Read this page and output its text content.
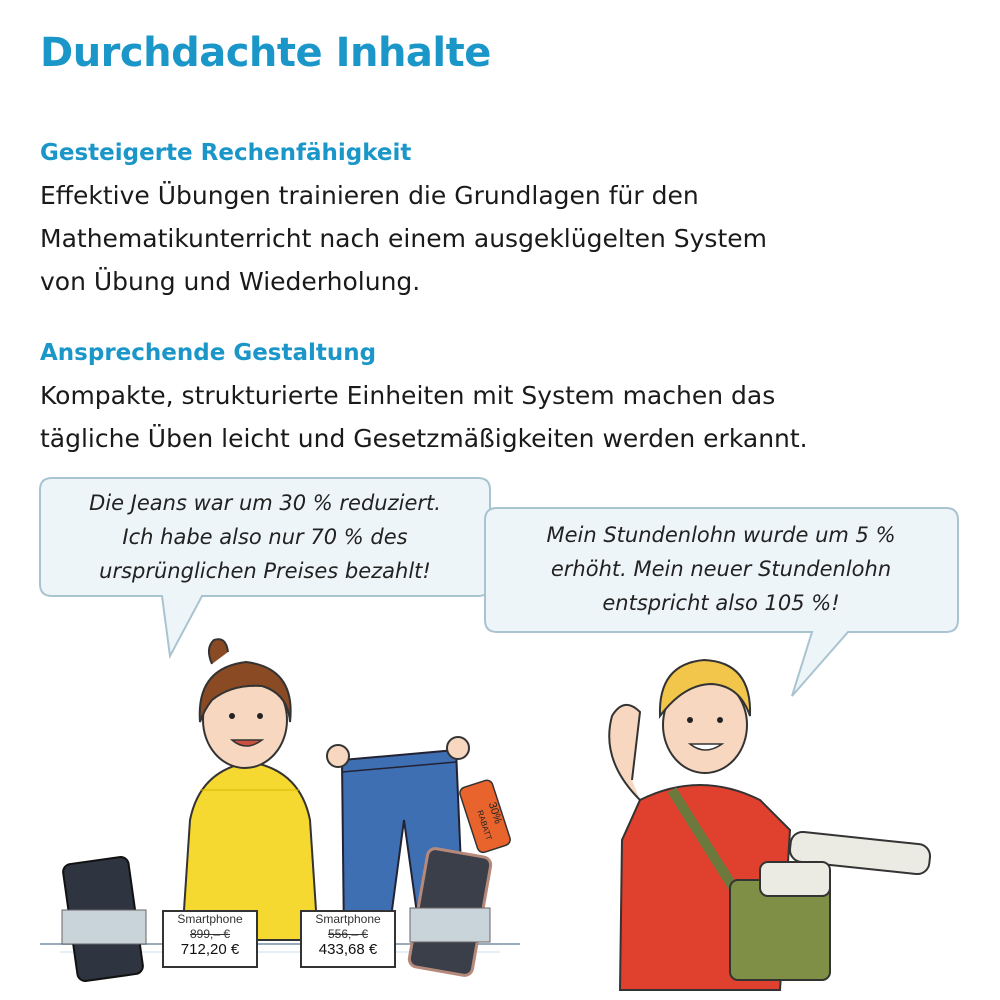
Durchdachte Inhalte
Gesteigerte Rechenfähigkeit
Effektive Übungen trainieren die Grundlagen für den
Mathematikunterricht nach einem ausgeklügelten System
von Übung und Wiederholung.
Ansprechende Gestaltung
Kompakte, strukturierte Einheiten mit System machen das
tägliche Üben leicht und Gesetzmäßigkeiten werden erkannt.
30%
RABATT
Die Jeans war um 30 % reduziert.
Ich habe also nur 70 % des
ursprünglichen Preises bezahlt!
Mein Stundenlohn wurde um 5 %
erhöht. Mein neuer Stundenlohn
entspricht also 105 %!
Smartphone
899,– €
712,20 €
Smartphone
556,– €
433,68 €
